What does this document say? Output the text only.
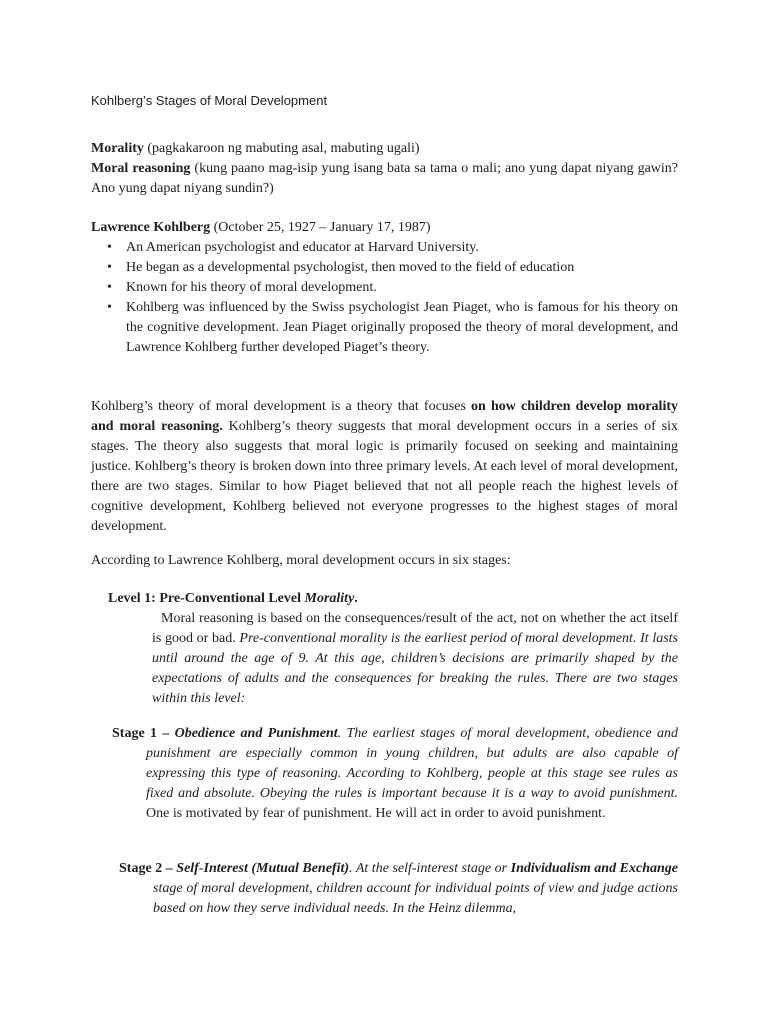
Kohlberg’s Stages of Moral Development

Morality (pagkakaroon ng mabuting asal, mabuting ugali)

Moral reasoning (kung paano mag-isip yung isang bata sa tama o mali; ano yung dapat niyang gawin? Ano yung dapat niyang sundin?)

Lawrence Kohlberg (October 25, 1927 – January 17, 1987)

• An American psychologist and educator at Harvard University.
• He began as a developmental psychologist, then moved to the field of education
• Known for his theory of moral development.
• Kohlberg was influenced by the Swiss psychologist Jean Piaget, who is famous for his theory on the cognitive development. Jean Piaget originally proposed the theory of moral development, and Lawrence Kohlberg further developed Piaget’s theory.
Kohlberg’s theory of moral development is a theory that focuses on how children develop morality and moral reasoning. Kohlberg’s theory suggests that moral development occurs in a series of six stages. The theory also suggests that moral logic is primarily focused on seeking and maintaining justice. Kohlberg’s theory is broken down into three primary levels. At each level of moral development, there are two stages. Similar to how Piaget believed that not all people reach the highest levels of cognitive development, Kohlberg believed not everyone progresses to the highest stages of moral development.
According to Lawrence Kohlberg, moral development occurs in six stages:

Level 1: Pre-Conventional Level Morality.

Moral reasoning is based on the consequences/result of the act, not on whether the act itself is good or bad. Pre-conventional morality is the earliest period of moral development. It lasts until around the age of 9. At this age, children’s decisions are primarily shaped by the expectations of adults and the consequences for breaking the rules. There are two stages within this level:

Stage 1 – Obedience and Punishment. The earliest stages of moral development, obedience and punishment are especially common in young children, but adults are also capable of expressing this type of reasoning. According to Kohlberg, people at this stage see rules as fixed and absolute. Obeying the rules is important because it is a way to avoid punishment. One is motivated by fear of punishment. He will act in order to avoid punishment.

Stage 2 – Self-Interest (Mutual Benefit). At the self-interest stage or Individualism and Exchange stage of moral development, children account for individual points of view and judge actions based on how they serve individual needs. In the Heinz dilemma,
